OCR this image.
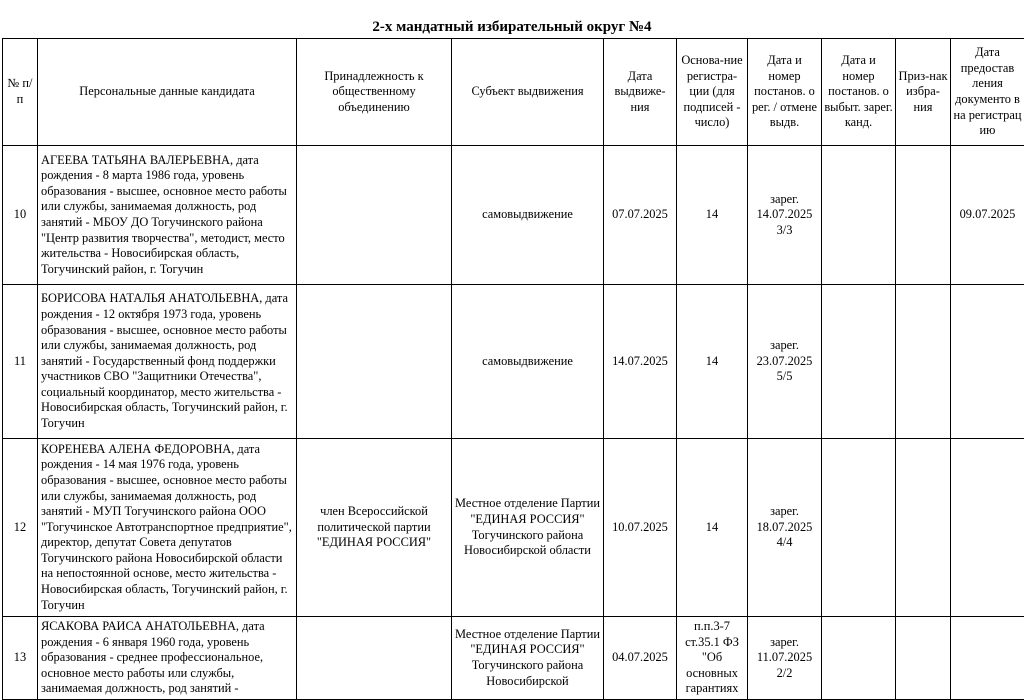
2-х мандатный избирательный округ №4
№ п/п	Персональные данные кандидата	Принадлежность к общественному объединению	Субъект выдвижения	Дата выдвиже-ния	Основа-ние регистра-ции (для подписей - число)	Дата и номер постанов. о рег. / отмене выдв.	Дата и номер постанов. о выбыт. зарег. канд.	Приз-нак избра-ния	Дата предостав ления документо в на регистрац ию
10	АГЕЕВА ТАТЬЯНА ВАЛЕРЬЕВНА, дата рождения - 8 марта 1986 года, уровень образования - высшее, основное место работы или службы, занимаемая должность, род занятий - МБОУ ДО Тогучинского района "Центр развития творчества", методист, место жительства - Новосибирская область, Тогучинский район, г. Тогучин		самовыдвижение	07.07.2025	14	зарег. 14.07.2025 3/3			09.07.2025
11	БОРИСОВА НАТАЛЬЯ АНАТОЛЬЕВНА, дата рождения - 12 октября 1973 года, уровень образования - высшее, основное место работы или службы, занимаемая должность, род занятий - Государственный фонд поддержки участников СВО "Защитники Отечества", социальный координатор, место жительства - Новосибирская область, Тогучинский район, г. Тогучин		самовыдвижение	14.07.2025	14	зарег. 23.07.2025 5/5			
12	КОРЕНЕВА АЛЕНА ФЕДОРОВНА, дата рождения - 14 мая 1976 года, уровень образования - высшее, основное место работы или службы, занимаемая должность, род занятий - МУП Тогучинского района ООО "Тогучинское Автотранспортное предприятие", директор, депутат Совета депутатов Тогучинского района Новосибирской области на непостоянной основе, место жительства - Новосибирская область, Тогучинский район, г. Тогучин	член Всероссийской политической партии "ЕДИНАЯ РОССИЯ"	Местное отделение Партии "ЕДИНАЯ РОССИЯ" Тогучинского района Новосибирской области	10.07.2025	14	зарег. 18.07.2025 4/4			
13	ЯСАКОВА РАИСА АНАТОЛЬЕВНА, дата рождения - 6 января 1960 года, уровень образования - среднее профессиональное, основное место работы или службы, занимаемая должность, род занятий -		Местное отделение Партии "ЕДИНАЯ РОССИЯ" Тогучинского района Новосибирской	04.07.2025	п.п.3-7 ст.35.1 ФЗ "Об основных гарантиях	зарег. 11.07.2025 2/2			
